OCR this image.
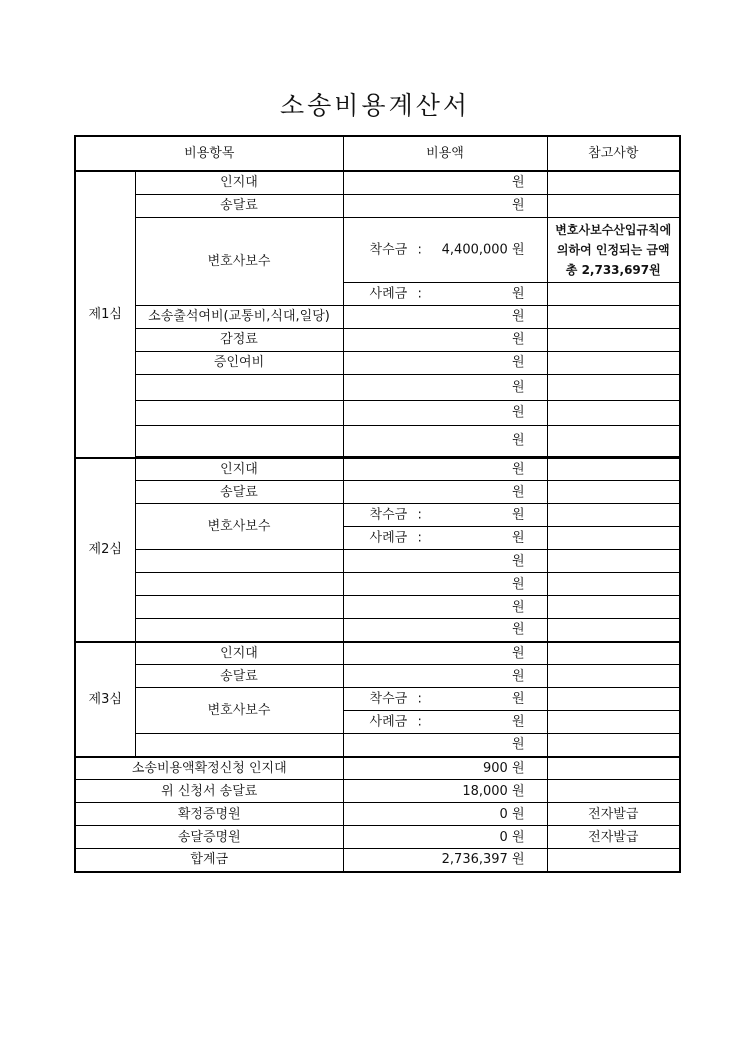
소송비용계산서
비용항목		비용액	참고사항
제1심	인지대	원	
	송달료	원	
	변호사보수	착수금 : 4,400,000 원	변호사보수산입규칙에 의하여 인정되는 금액 총 2,733,697원

		사례금 : 원	

	소송출석여비(교통비,식대,일당)	원	
	감정료	원	
	증인여비	원	
		원	
		원	
		원	

제2심	인지대	원	
	송달료	원	
	변호사보수	착수금 : 원	

		사례금 : 원	

		원	
		원	
		원	
		원	
제3심	인지대	원	
	송달료	원	
	변호사보수	착수금 : 원	

		사례금 : 원	

		원	
소송비용액확정신청 인지대		900 원	
위 신청서 송달료		18,000 원	
확정증명원		0 원	전자발급
송달증명원		0 원	전자발급
합계금		2,736,397 원	
